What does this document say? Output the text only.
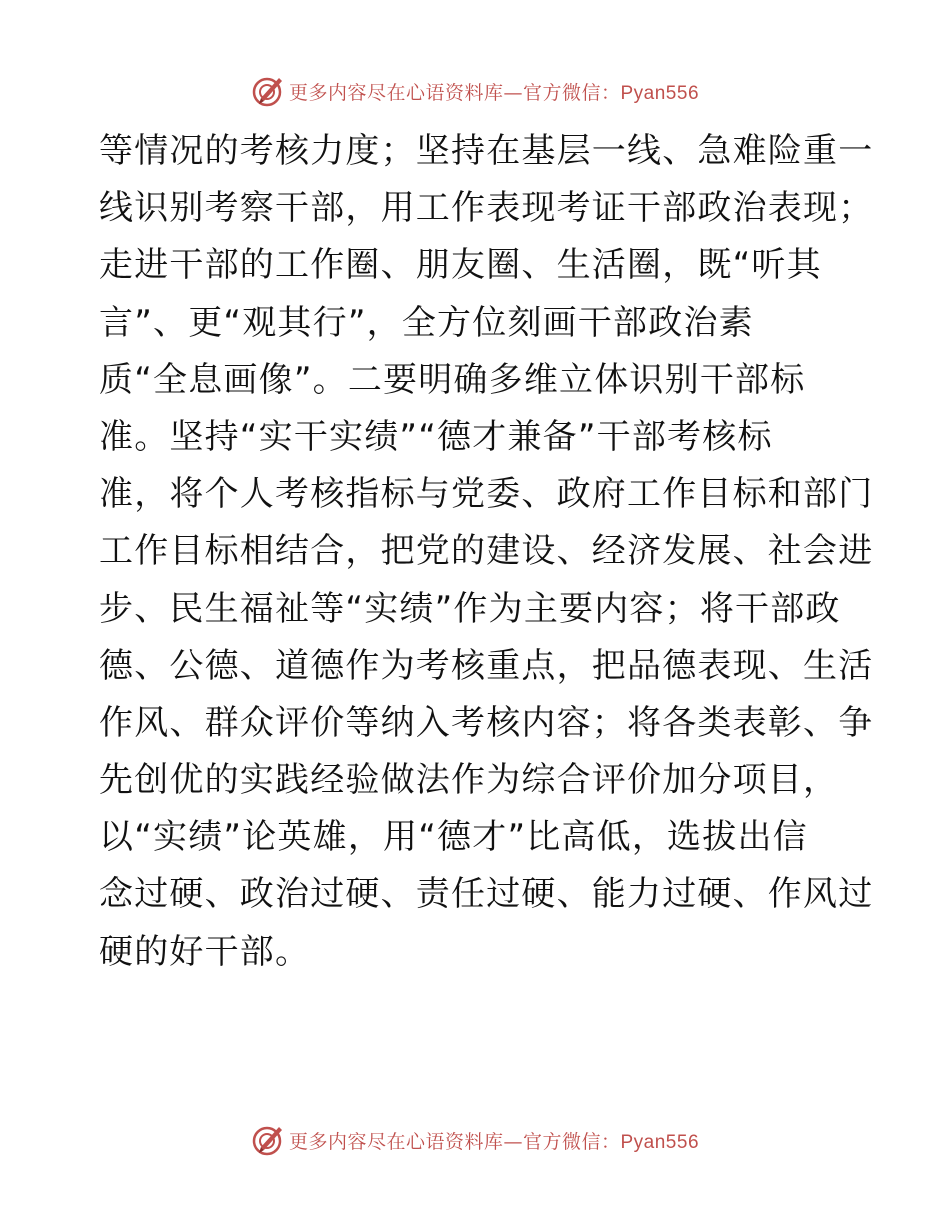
更多内容尽在心语资料库—官方微信：Pyan556
等情况的考核力度；坚持在基层一线、急难险重一
线识别考察干部，用工作表现考证干部政治表现；
走进干部的工作圈、朋友圈、生活圈，既“听其
言”、更“观其行”，全方位刻画干部政治素
质“全息画像”。二要明确多维立体识别干部标
准。坚持“实干实绩”“德才兼备”干部考核标
准，将个人考核指标与党委、政府工作目标和部门
工作目标相结合，把党的建设、经济发展、社会进
步、民生福祉等“实绩”作为主要内容；将干部政
德、公德、道德作为考核重点，把品德表现、生活
作风、群众评价等纳入考核内容；将各类表彰、争
先创优的实践经验做法作为综合评价加分项目，
以“实绩”论英雄，用“德才”比高低，选拔出信
念过硬、政治过硬、责任过硬、能力过硬、作风过
硬的好干部。
更多内容尽在心语资料库—官方微信：Pyan556
